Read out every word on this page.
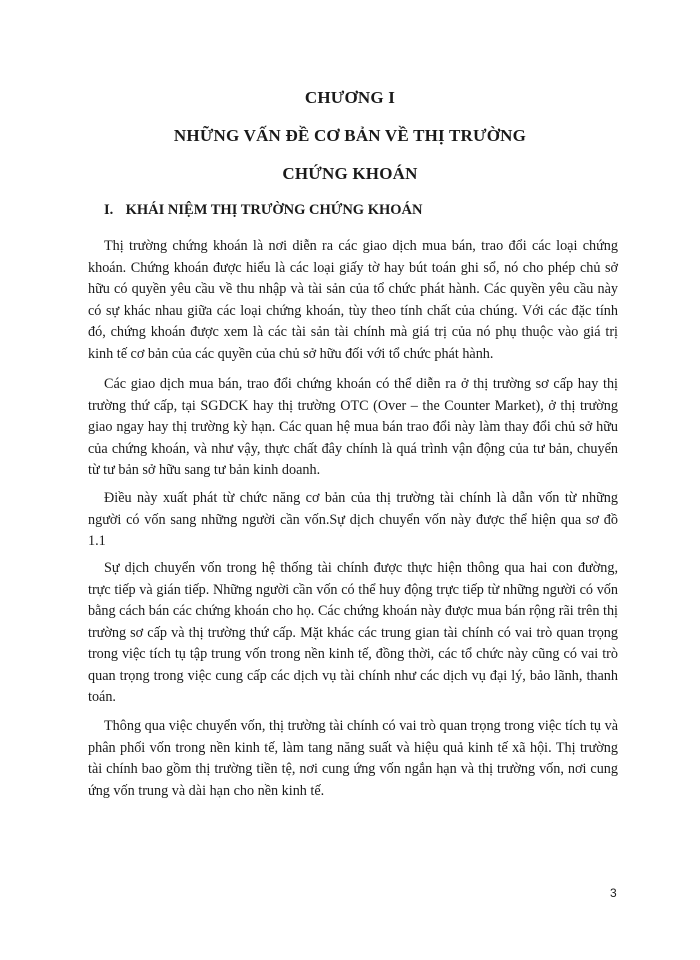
CHƯƠNG I
NHỮNG VẤN ĐỀ CƠ BẢN VỀ THỊ TRƯỜNG
CHỨNG KHOÁN
I. KHÁI NIỆM THỊ TRƯỜNG CHỨNG KHOÁN

Thị trường chứng khoán là nơi diễn ra các giao dịch mua bán, trao đổi các loại chứng khoán. Chứng khoán được hiểu là các loại giấy tờ hay bút toán ghi sổ, nó cho phép chủ sở hữu có quyền yêu cầu về thu nhập và tài sản của tổ chức phát hành. Các quyền yêu cầu này có sự khác nhau giữa các loại chứng khoán, tùy theo tính chất của chúng. Với các đặc tính đó, chứng khoán được xem là các tài sản tài chính mà giá trị của nó phụ thuộc vào giá trị kinh tế cơ bản của các quyền của chủ sở hữu đối với tổ chức phát hành.

Các giao dịch mua bán, trao đổi chứng khoán có thể diễn ra ở thị trường sơ cấp hay thị trường thứ cấp, tại SGDCK hay thị trường OTC (Over – the Counter Market), ở thị trường giao ngay hay thị trường kỳ hạn. Các quan hệ mua bán trao đổi này làm thay đổi chủ sở hữu của chứng khoán, và như vậy, thực chất đây chính là quá trình vận động của tư bản, chuyển từ tư bản sở hữu sang tư bản kinh doanh.

Điều này xuất phát từ chức năng cơ bản của thị trường tài chính là dẫn vốn từ những người có vốn sang những người cần vốn.Sự dịch chuyển vốn này được thể hiện qua sơ đồ 1.1

Sự dịch chuyển vốn trong hệ thống tài chính được thực hiện thông qua hai con đường, trực tiếp và gián tiếp. Những người cần vốn có thể huy động trực tiếp từ những người có vốn bằng cách bán các chứng khoán cho họ. Các chứng khoán này được mua bán rộng rãi trên thị trường sơ cấp và thị trường thứ cấp. Mặt khác các trung gian tài chính có vai trò quan trọng trong việc tích tụ tập trung vốn trong nền kinh tế, đồng thời, các tổ chức này cũng có vai trò quan trọng trong việc cung cấp các dịch vụ tài chính như các dịch vụ đại lý, bảo lãnh, thanh toán.

Thông qua việc chuyển vốn, thị trường tài chính có vai trò quan trọng trong việc tích tụ và phân phối vốn trong nền kinh tế, làm tang năng suất và hiệu quả kinh tế xã hội. Thị trường tài chính bao gồm thị trường tiền tệ, nơi cung ứng vốn ngắn hạn và thị trường vốn, nơi cung ứng vốn trung và dài hạn cho nền kinh tế.

3
